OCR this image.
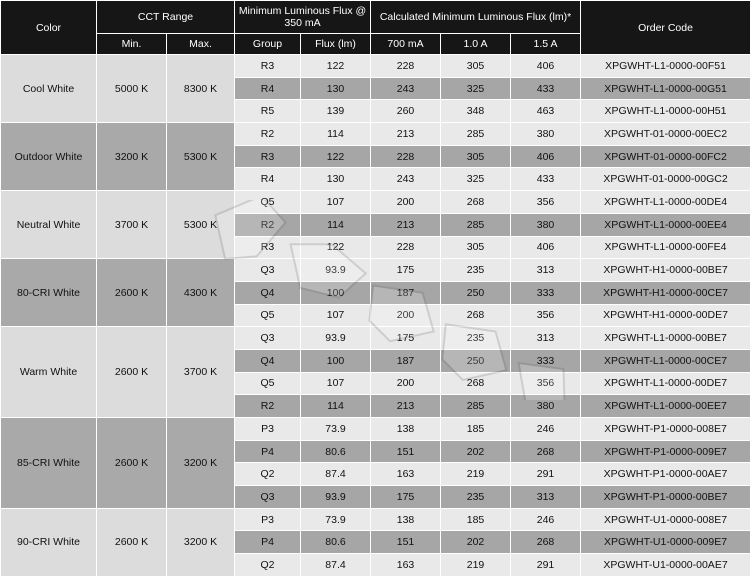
Color	CCT Range		Minimum Luminous Flux @ 350 mA		Calculated Minimum Luminous Flux (lm)*			Order Code
	Min.	Max.	Group	Flux (lm)	700 mA	1.0 A	1.5 A	
Cool White	5000 K	8300 K	R3	122	228	305	406	XPGWHT-L1-0000-00F51
			R4	130	243	325	433	XPGWHT-L1-0000-00G51
			R5	139	260	348	463	XPGWHT-L1-0000-00H51
Outdoor White	3200 K	5300 K	R2	114	213	285	380	XPGWHT-01-0000-00EC2
			R3	122	228	305	406	XPGWHT-01-0000-00FC2
			R4	130	243	325	433	XPGWHT-01-0000-00GC2
Neutral White	3700 K	5300 K	Q5	107	200	268	356	XPGWHT-L1-0000-00DE4
			R2	114	213	285	380	XPGWHT-L1-0000-00EE4
			R3	122	228	305	406	XPGWHT-L1-0000-00FE4
80-CRI White	2600 K	4300 K	Q3	93.9	175	235	313	XPGWHT-H1-0000-00BE7
			Q4	100	187	250	333	XPGWHT-H1-0000-00CE7
			Q5	107	200	268	356	XPGWHT-H1-0000-00DE7
Warm White	2600 K	3700 K	Q3	93.9	175	235	313	XPGWHT-L1-0000-00BE7
			Q4	100	187	250	333	XPGWHT-L1-0000-00CE7
			Q5	107	200	268	356	XPGWHT-L1-0000-00DE7
			R2	114	213	285	380	XPGWHT-L1-0000-00EE7
85-CRI White	2600 K	3200 K	P3	73.9	138	185	246	XPGWHT-P1-0000-008E7
			P4	80.6	151	202	268	XPGWHT-P1-0000-009E7
			Q2	87.4	163	219	291	XPGWHT-P1-0000-00AE7
			Q3	93.9	175	235	313	XPGWHT-P1-0000-00BE7
90-CRI White	2600 K	3200 K	P3	73.9	138	185	246	XPGWHT-U1-0000-008E7
			P4	80.6	151	202	268	XPGWHT-U1-0000-009E7
			Q2	87.4	163	219	291	XPGWHT-U1-0000-00AE7
